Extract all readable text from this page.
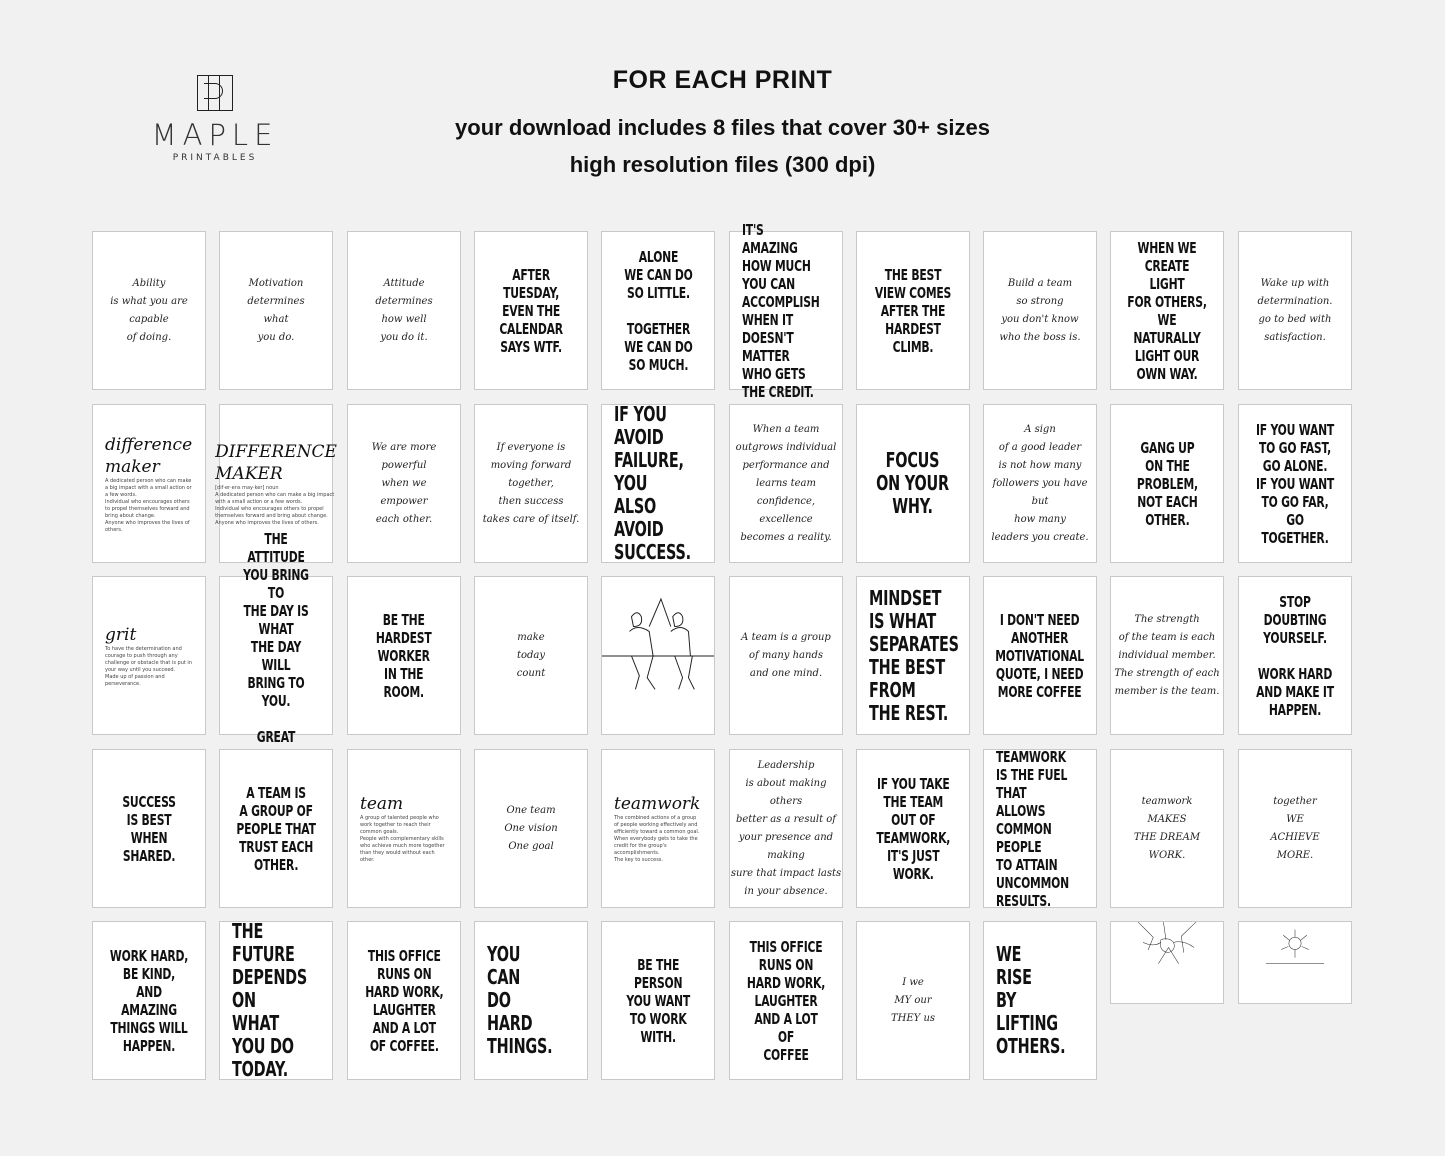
MAPLE
PRINTABLES
FOR EACH PRINT
your download includes 8 files that cover 30+ sizes
high resolution files (300 dpi)
Ability
is what you are
capable
of doing.
Motivation
determines
what
you do.
Attitude
determines
how well
you do it.
AFTER
TUESDAY,
EVEN THE
CALENDAR
SAYS WTF.
ALONE
WE CAN DO
SO LITTLE.

TOGETHER
WE CAN DO
SO MUCH.
IT'S AMAZING
HOW MUCH
YOU CAN
ACCOMPLISH
WHEN IT
DOESN'T MATTER
WHO GETS
THE CREDIT.
THE BEST
VIEW COMES
AFTER THE
HARDEST
CLIMB.
Build a team
so strong
you don't know
who the boss is.
WHEN WE
CREATE LIGHT
FOR OTHERS,
WE NATURALLY
LIGHT OUR
OWN WAY.
Wake up with
determination.
go to bed with
satisfaction.
difference maker
A dedicated person who can make a big impact with a small action or a few words.
Individual who encourages others to propel themselves forward and bring about change.
Anyone who improves the lives of others.
DIFFERENCE MAKER
[dif·er·ens may·ker] noun
A dedicated person who can make a big impact with a small action or a few words.
Individual who encourages others to propel themselves forward and bring about change.
Anyone who improves the lives of others.
We are more
powerful
when we
empower
each other.
If everyone is
moving forward
together,
then success
takes care of itself.
IF YOU
AVOID
FAILURE,
YOU ALSO
AVOID
SUCCESS.
When a team
outgrows individual
performance and
learns team confidence,
excellence
becomes a reality.
FOCUS
ON YOUR
WHY.
A sign
of a good leader
is not how many
followers you have but
how many
leaders you create.
GANG UP
ON THE
PROBLEM,
NOT EACH
OTHER.
IF YOU WANT
TO GO FAST,
GO ALONE.
IF YOU WANT
TO GO FAR,
GO TOGETHER.
grit
To have the determination and courage to push through any challenge or obstacle that is put in your way until you succeed.
Made up of passion and perseverance.
THE ATTITUDE
YOU BRING TO
THE DAY IS WHAT
THE DAY WILL
BRING TO YOU.

GREAT

BE THE
HARDEST
WORKER
IN THE
ROOM.
make
today
count
A team is a group
of many hands
and one mind.
MINDSET
IS WHAT
SEPARATES
THE BEST
FROM
THE REST.
I DON'T NEED
ANOTHER
MOTIVATIONAL
QUOTE, I NEED
MORE COFFEE
The strength
of the team is each
individual member.
The strength of each
member is the team.
STOP
DOUBTING
YOURSELF.

WORK HARD
AND MAKE IT
HAPPEN.
SUCCESS
IS BEST
WHEN
SHARED.
A TEAM IS
A GROUP OF
PEOPLE THAT
TRUST EACH
OTHER.
team
A group of talented people who work together to reach their common goals.
People with complementary skills who achieve much more together than they would without each other.
One team
One vision
One goal
teamwork
The combined actions of a group of people working effectively and efficiently toward a common goal.
When everybody gets to take the credit for the group's accomplishments.
The key to success.
Leadership
is about making others
better as a result of
your presence and making
sure that impact lasts
in your absence.
IF YOU TAKE
THE TEAM
OUT OF
TEAMWORK,
IT'S JUST
WORK.
TEAMWORK
IS THE FUEL
THAT ALLOWS
COMMON
PEOPLE
TO ATTAIN
UNCOMMON
RESULTS.
teamwork
MAKES
THE DREAM
WORK.
together
WE
ACHIEVE
MORE.
WORK HARD,
BE KIND,
AND AMAZING
THINGS WILL
HAPPEN.
THE
FUTURE
DEPENDS
ON WHAT
YOU DO
TODAY.
THIS OFFICE
RUNS ON
HARD WORK,
LAUGHTER
AND A LOT
OF COFFEE.
YOU
CAN
DO
HARD
THINGS.
BE THE
PERSON
YOU WANT
TO WORK
WITH.
THIS OFFICE
RUNS ON
HARD WORK,
LAUGHTER
AND A LOT OF
COFFEE
I we
MY our
THEY us
WE
RISE
BY
LIFTING
OTHERS.
